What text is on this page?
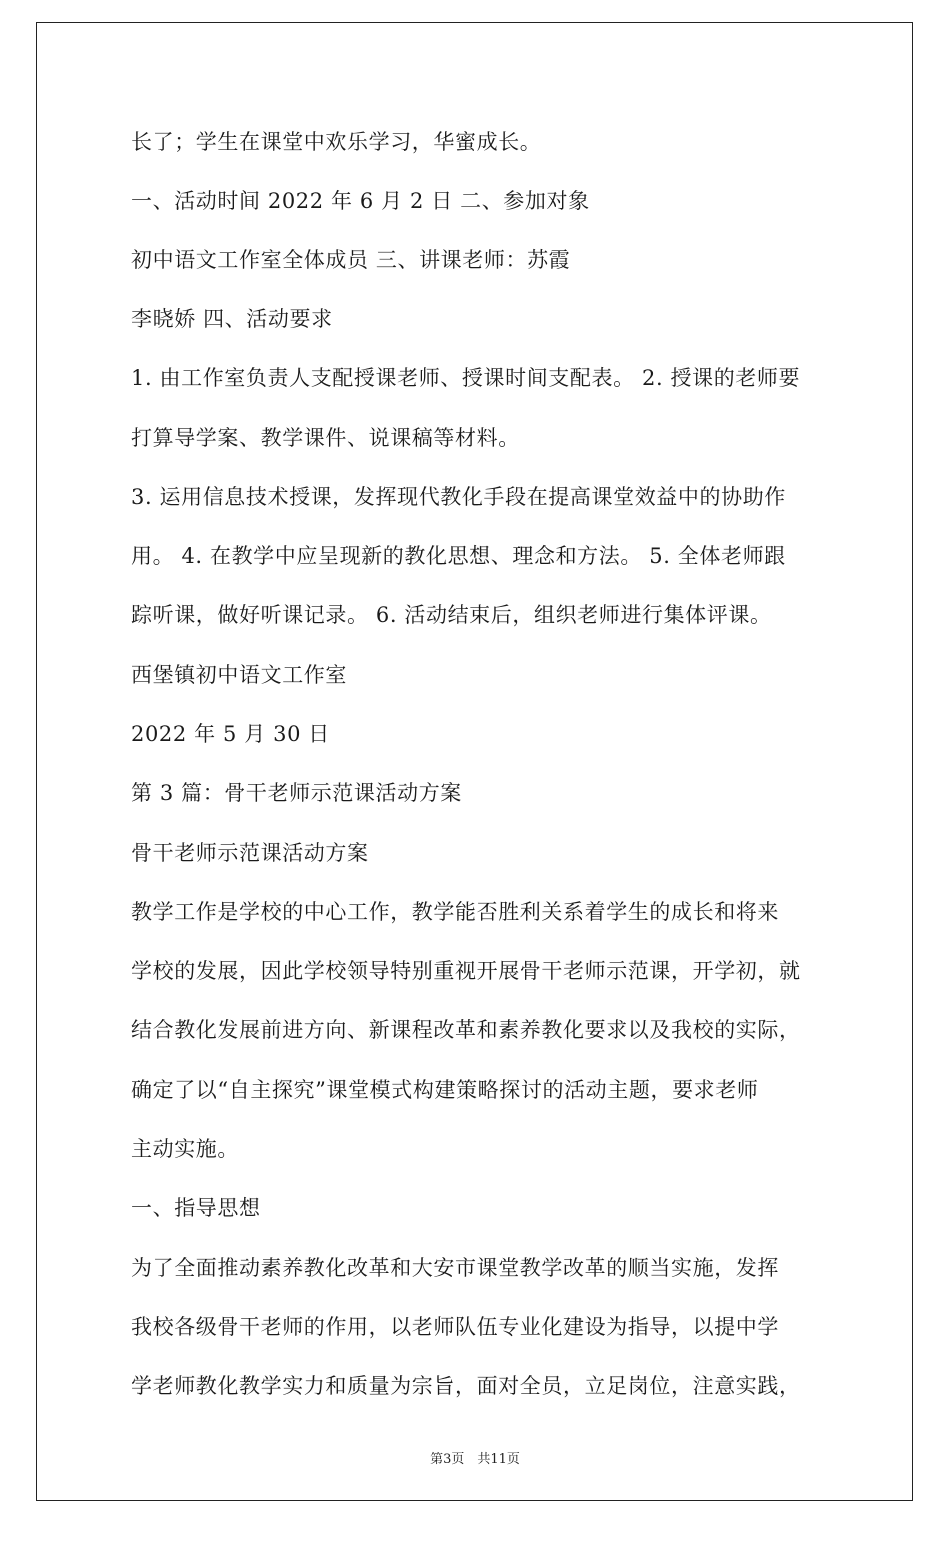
长了；学生在课堂中欢乐学习，华蜜成长。
一、活动时间 2022 年 6 月 2 日 二、参加对象
初中语文工作室全体成员 三、讲课老师：苏霞
李晓娇 四、活动要求
1. 由工作室负责人支配授课老师、授课时间支配表。 2. 授课的老师要
打算导学案、教学课件、说课稿等材料。
3. 运用信息技术授课，发挥现代教化手段在提高课堂效益中的协助作
用。 4. 在教学中应呈现新的教化思想、理念和方法。 5. 全体老师跟
踪听课，做好听课记录。 6. 活动结束后，组织老师进行集体评课。
西堡镇初中语文工作室
2022 年 5 月 30 日
第 3 篇：骨干老师示范课活动方案
骨干老师示范课活动方案
教学工作是学校的中心工作，教学能否胜利关系着学生的成长和将来
学校的发展，因此学校领导特别重视开展骨干老师示范课，开学初，就
结合教化发展前进方向、新课程改革和素养教化要求以及我校的实际，
确定了以“自主探究”课堂模式构建策略探讨的活动主题，要求老师
主动实施。
一、指导思想
为了全面推动素养教化改革和大安市课堂教学改革的顺当实施，发挥
我校各级骨干老师的作用，以老师队伍专业化建设为指导，以提中学
学老师教化教学实力和质量为宗旨，面对全员，立足岗位，注意实践，
第3页　共11页
